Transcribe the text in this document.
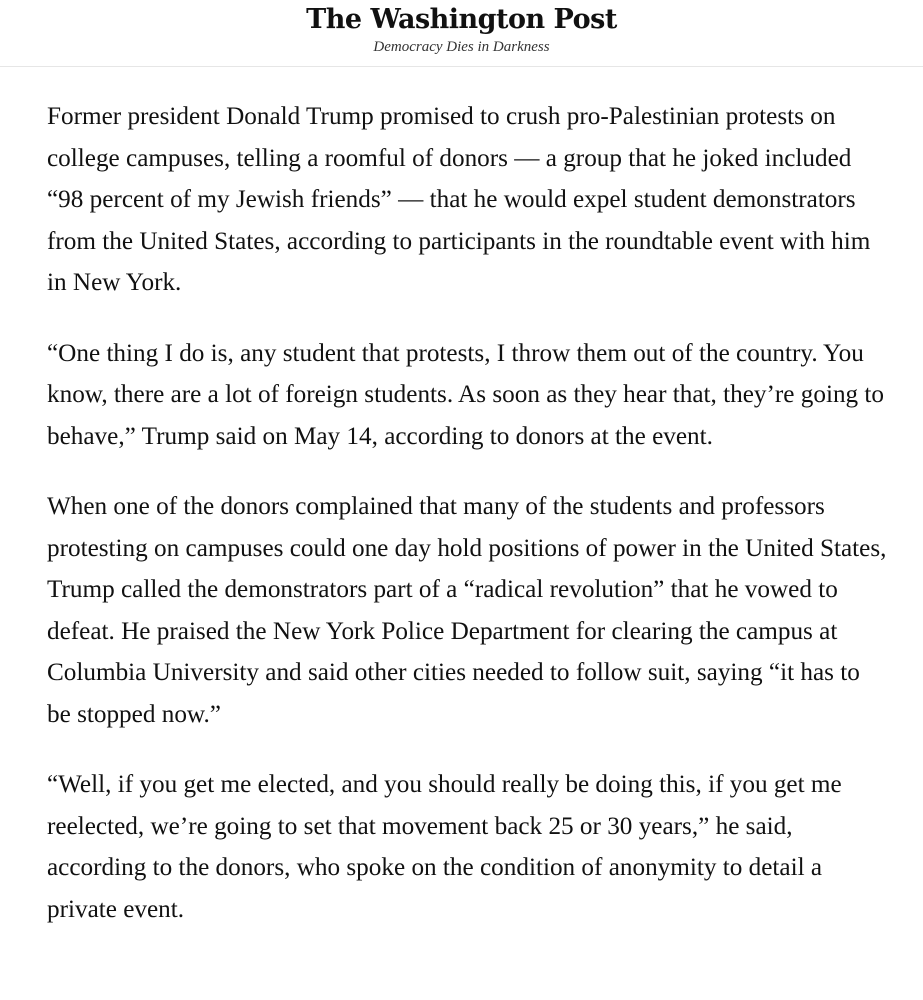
The Washington Post
Democracy Dies in Darkness

Former president Donald Trump promised to crush pro-Palestinian protests on college campuses, telling a roomful of donors — a group that he joked included “98 percent of my Jewish friends” — that he would expel student demonstrators from the United States, according to participants in the roundtable event with him in New York.

“One thing I do is, any student that protests, I throw them out of the country. You know, there are a lot of foreign students. As soon as they hear that, they’re going to behave,” Trump said on May 14, according to donors at the event.

When one of the donors complained that many of the students and professors protesting on campuses could one day hold positions of power in the United States, Trump called the demonstrators part of a “radical revolution” that he vowed to defeat. He praised the New York Police Department for clearing the campus at Columbia University and said other cities needed to follow suit, saying “it has to be stopped now.”

“Well, if you get me elected, and you should really be doing this, if you get me reelected, we’re going to set that movement back 25 or 30 years,” he said, according to the donors, who spoke on the condition of anonymity to detail a private event.
